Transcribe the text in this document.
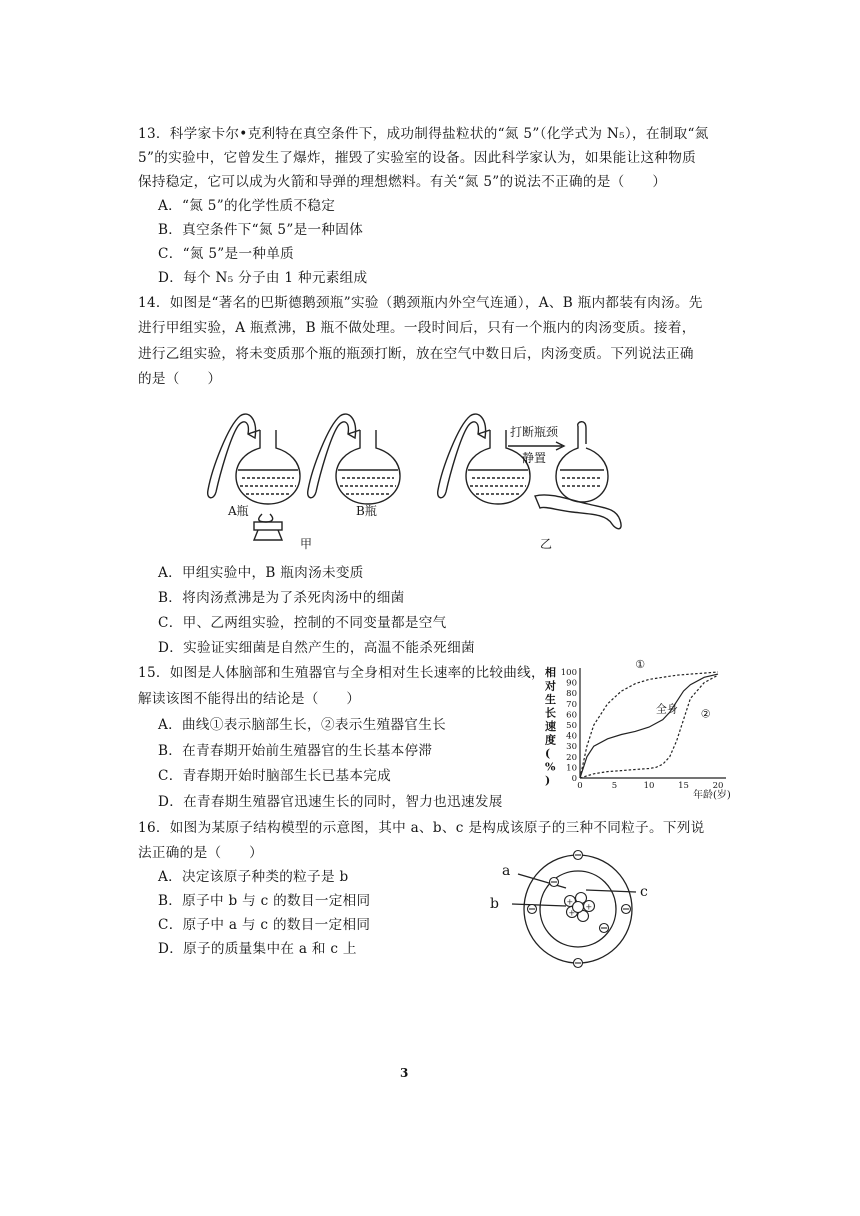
13．科学家卡尔•克利特在真空条件下，成功制得盐粒状的“氮 5”（化学式为 N₅），在制取“氮
5”的实验中，它曾发生了爆炸，摧毁了实验室的设备。因此科学家认为，如果能让这种物质
保持稳定，它可以成为火箭和导弹的理想燃料。有关“氮 5”的说法不正确的是（　　）
A．“氮 5”的化学性质不稳定
B．真空条件下“氮 5”是一种固体
C．“氮 5”是一种单质
D．每个 N₅ 分子由 1 种元素组成
14．如图是“著名的巴斯德鹅颈瓶”实验（鹅颈瓶内外空气连通），A、B 瓶内都装有肉汤。先
进行甲组实验，A 瓶煮沸，B 瓶不做处理。一段时间后，只有一个瓶内的肉汤变质。接着，
进行乙组实验，将未变质那个瓶的瓶颈打断，放在空气中数日后，肉汤变质。下列说法正确
的是（　　）
A瓶	B瓶
甲	乙
打断瓶颈
静置
A．甲组实验中，B 瓶肉汤未变质
B．将肉汤煮沸是为了杀死肉汤中的细菌
C．甲、乙两组实验，控制的不同变量都是空气
D．实验证实细菌是自然产生的，高温不能杀死细菌
15．如图是人体脑部和生殖器官与全身相对生长速率的比较曲线，
解读该图不能得出的结论是（　　）
A．曲线①表示脑部生长，②表示生殖器官生长
B．在青春期开始前生殖器官的生长基本停滞
C．青春期开始时脑部生长已基本完成
D．在青春期生殖器官迅速生长的同时，智力也迅速发展
相
对
生
长
速
度
(
%
)	0
10
20
30
40
50
60
70
80
90
100
0	5	10	15	20
①
全身 ②
年龄(岁)
16．如图为某原子结构模型的示意图，其中 a、b、c 是构成该原子的三种不同粒子。下列说
法正确的是（　　）
A．决定该原子种类的粒子是 b
B．原子中 b 与 c 的数目一定相同
C．原子中 a 与 c 的数目一定相同
D．原子的质量集中在 a 和 c 上
+
+
+
a
b
c
3
